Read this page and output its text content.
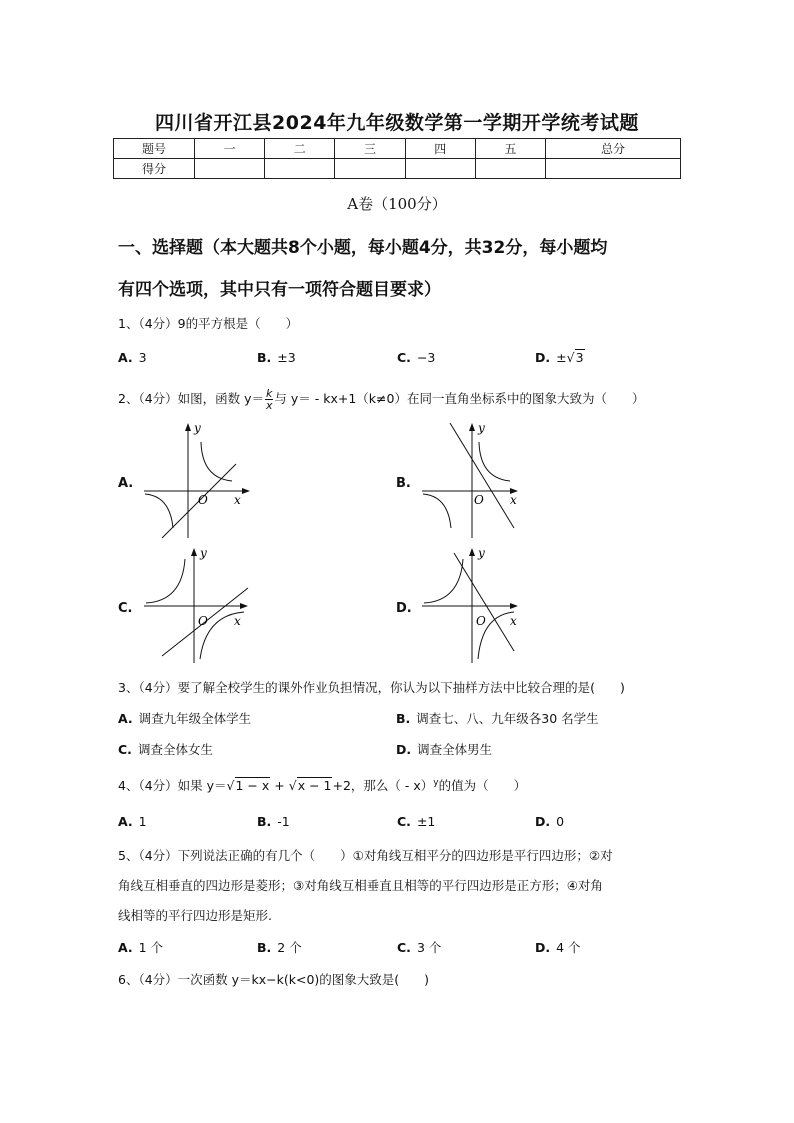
四川省开江县2024年九年级数学第一学期开学统考试题
题号	一	二	三	四	五	总分
得分						
A卷（100分）
一、选择题（本大题共8个小题，每小题4分，共32分，每小题均
有四个选项，其中只有一项符合题目要求）
1、（4分）9的平方根是（　　）
A. 3	B. ±3	C. −3	D. ±√3
2、（4分）如图，函数 $y= \frac{k}{x}$ 与 y＝ - kx+1（k≠0）在同一直角坐标系中的图象大致为（　　）
A.	B.
C.	D.
O x
y
O x
y
O x
y
O x
y
3、（4分）要了解全校学生的课外作业负担情况，你认为以下抽样方法中比较合理的是(　　)
A. 调查九年级全体学生	B. 调查七、八、九年级各30 名学生
C. 调查全体女生	D. 调查全体男生
4、（4分）如果 y＝√1 − x + √x − 1+2，那么（ - x）$^y$的值为（　　）
A. 1	B. -1	C. ±1	D. 0
5、（4分）下列说法正确的有几个（　　）①对角线互相平分的四边形是平行四边形；②对
角线互相垂直的四边形是菱形；③对角线互相垂直且相等的平行四边形是正方形；④对角
线相等的平行四边形是矩形.
A. 1 个	B. 2 个	C. 3 个	D. 4 个
6、（4分）一次函数 y＝kx−k(k<0)的图象大致是(　　)
